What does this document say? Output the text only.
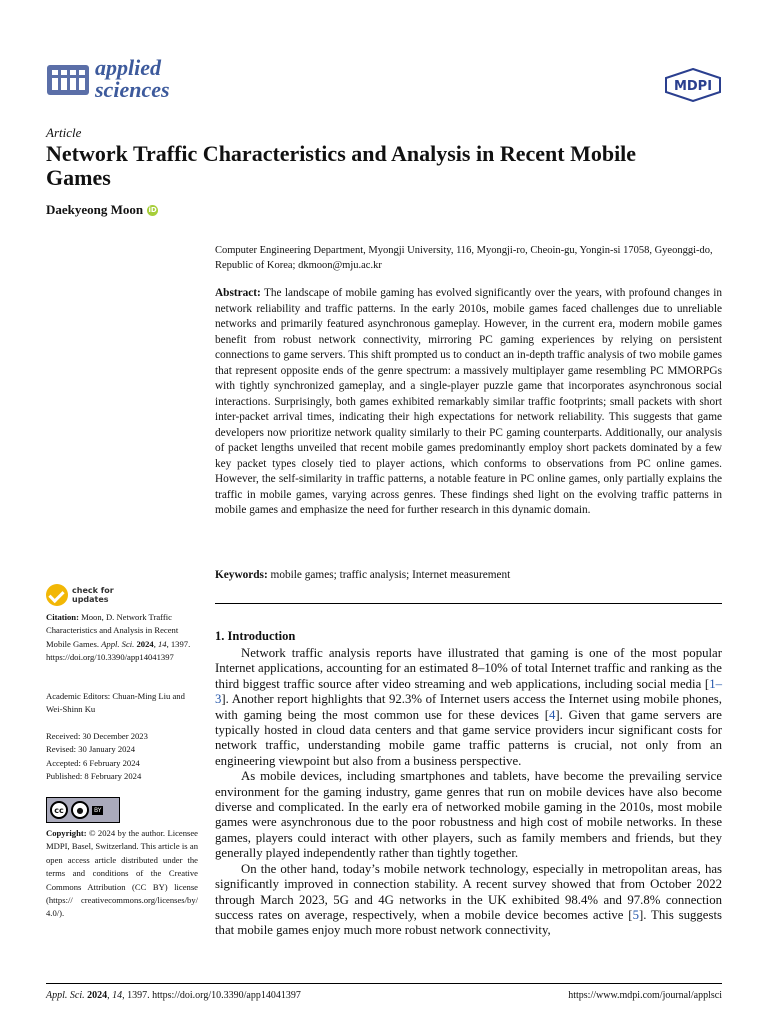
applied
sciences	MDPI
Article
Network Traffic Characteristics and Analysis in Recent Mobile Games
Daekyeong Moon iD
Computer Engineering Department, Myongji University, 116, Myongji-ro, Cheoin-gu, Yongin-si 17058, Gyeonggi-do, Republic of Korea; dkmoon@mju.ac.kr
Abstract: The landscape of mobile gaming has evolved significantly over the years, with profound changes in network reliability and traffic patterns. In the early 2010s, mobile games faced challenges due to unreliable networks and primarily featured asynchronous gameplay. However, in the current era, modern mobile games benefit from robust network connectivity, mirroring PC gaming experiences by relying on persistent connections to game servers. This shift prompted us to conduct an in-depth traffic analysis of two mobile games that represent opposite ends of the genre spectrum: a massively multiplayer game resembling PC MMORPGs with tightly synchronized gameplay, and a single-player puzzle game that incorporates asynchronous social interactions. Surprisingly, both games exhibited remarkably similar traffic footprints; small packets with short inter-packet arrival times, indicating their high expectations for network reliability. This suggests that game developers now prioritize network quality similarly to their PC gaming counterparts. Additionally, our analysis of packet lengths unveiled that recent mobile games predominantly employ short packets dominated by a few key packet types closely tied to player actions, which conforms to observations from PC online games. However, the self-similarity in traffic patterns, a notable feature in PC online games, only partially explains the traffic in mobile games, varying across genres. These findings shed light on the evolving traffic patterns in mobile games and emphasize the need for further research in this dynamic domain.
Keywords: mobile games; traffic analysis; Internet measurement
1. Introduction

Network traffic analysis reports have illustrated that gaming is one of the most popular Internet applications, accounting for an estimated 8–10% of total Internet traffic and ranking as the third biggest traffic source after video streaming and web applications, including social media [1–3]. Another report highlights that 92.3% of Internet users access the Internet using mobile phones, with gaming being the most common use for these devices [4]. Given that game servers are typically hosted in cloud data centers and that game service providers incur significant costs for network traffic, understanding mobile game traffic patterns is crucial, not only from an engineering viewpoint but also from a business perspective.

As mobile devices, including smartphones and tablets, have become the prevailing service environment for the gaming industry, game genres that run on mobile devices have also become diverse and complicated. In the early era of networked mobile gaming in the 2010s, most mobile games were asynchronous due to the poor robustness and high cost of mobile networks. In these games, players could interact with other players, such as family members and friends, but they generally played independently rather than tightly together.

On the other hand, today’s mobile network technology, especially in metropolitan areas, has significantly improved in connection stability. A recent survey showed that from October 2022 through March 2023, 5G and 4G networks in the UK exhibited 98.4% and 97.8% connection success rates on average, respectively, when a mobile device becomes active [5]. This suggests that mobile games enjoy much more robust network connectivity,

check for
updates
Citation: Moon, D. Network Traffic Characteristics and Analysis in Recent Mobile Games. Appl. Sci. 2024, 14, 1397. https://doi.org/10.3390/app14041397
Academic Editors: Chuan-Ming Liu and Wei-Shinn Ku
Received: 30 December 2023
Revised: 30 January 2024
Accepted: 6 February 2024
Published: 8 February 2024
cc	●	BY
Copyright: © 2024 by the author. Licensee MDPI, Basel, Switzerland. This article is an open access article distributed under the terms and conditions of the Creative Commons Attribution (CC BY) license (https:// creativecommons.org/licenses/by/ 4.0/).
Appl. Sci. 2024, 14, 1397. https://doi.org/10.3390/app14041397	https://www.mdpi.com/journal/applsci
